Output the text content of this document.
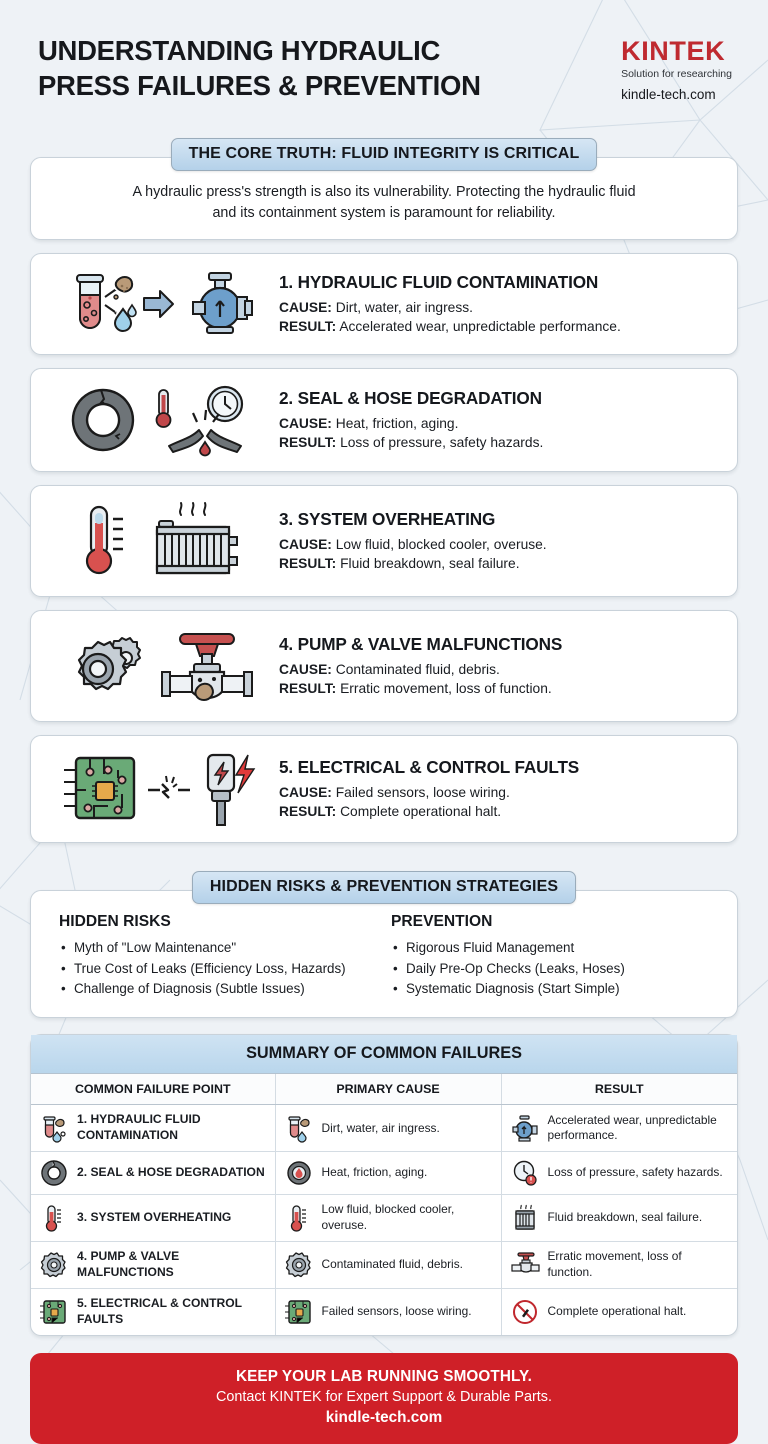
UNDERSTANDING HYDRAULIC
PRESS FAILURES & PREVENTION
KINTEK
Solution for researching
kindle-tech.com
THE CORE TRUTH: FLUID INTEGRITY IS CRITICAL
A hydraulic press's strength is also its vulnerability. Protecting the hydraulic fluid
and its containment system is paramount for reliability.
1. HYDRAULIC FLUID CONTAMINATION
CAUSE: Dirt, water, air ingress.
RESULT: Accelerated wear, unpredictable performance.
2. SEAL & HOSE DEGRADATION
CAUSE: Heat, friction, aging.
RESULT: Loss of pressure, safety hazards.
3. SYSTEM OVERHEATING
CAUSE: Low fluid, blocked cooler, overuse.
RESULT: Fluid breakdown, seal failure.
4. PUMP & VALVE MALFUNCTIONS
CAUSE: Contaminated fluid, debris.
RESULT: Erratic movement, loss of function.
5. ELECTRICAL & CONTROL FAULTS
CAUSE: Failed sensors, loose wiring.
RESULT: Complete operational halt.
HIDDEN RISKS & PREVENTION STRATEGIES
HIDDEN RISKS
• Myth of "Low Maintenance"
• True Cost of Leaks (Efficiency Loss, Hazards)
• Challenge of Diagnosis (Subtle Issues)
PREVENTION
• Rigorous Fluid Management
• Daily Pre-Op Checks (Leaks, Hoses)
• Systematic Diagnosis (Start Simple)
SUMMARY OF COMMON FAILURES
COMMON FAILURE POINT	PRIMARY CAUSE	RESULT

1. HYDRAULIC FLUID CONTAMINATION	Dirt, water, air ingress.	Accelerated wear, unpredictable performance.

2. SEAL & HOSE DEGRADATION	Heat, friction, aging.	Loss of pressure, safety hazards.

3. SYSTEM OVERHEATING	Low fluid, blocked cooler, overuse.	Fluid breakdown, seal failure.

4. PUMP & VALVE MALFUNCTIONS	Contaminated fluid, debris.	Erratic movement, loss of function.

5. ELECTRICAL & CONTROL FAULTS	Failed sensors, loose wiring.	Complete operational halt.
KEEP YOUR LAB RUNNING SMOOTHLY.
Contact KINTEK for Expert Support & Durable Parts.
kindle-tech.com
